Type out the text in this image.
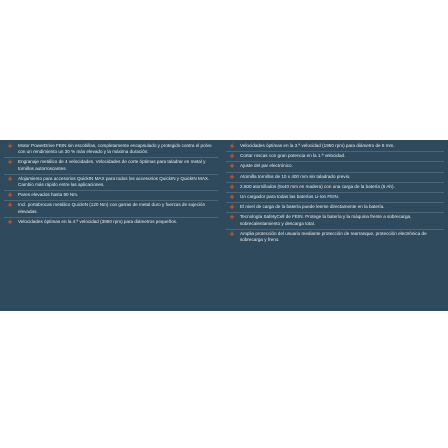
+ Motor PowerDrive FEIN sin escobillas, completamente encapsulado y protegido contra el polvo con un rendimiento un 30 % más elevado y la máxima duración.
+ Engranaje metálico de 4 velocidades. Velocidades de corte óptimas para taladrar en metal y tornillos autorroscantes.
+ Alojamiento para accesorios QuickIN MAX para todos los accesorios QuickIN y QuickIN MAX. Cambio más rápido entre las aplicaciones.
+ Pares elevados hasta 90 Nm.
+ Incl. portabrocas metálico QuickIN (120 Nm) con garras de metal duro y fuerzas de sujeción elevadas.
+ Velocidades óptimas en la 4.ª velocidad (3850 rpm) para diámetros pequeños.
+ Velocidades óptimas en la 3.ª velocidad (1950 rpm) para diámetro de 8 mm.
+ Cortar roscas con gran potencia en la 1.ª velocidad.
+ Ajuste del par electrónico.
+ Atornilla tornillos de 10 x 400 mm sin taladrado previo.
+ 2.500 atornillados (5x40 mm en madera) con una carga de la batería (6 Ah).
+ Un cargador para todas las baterías Li-Ion FEIN.
+ El nivel de carga de la batería puede leerse directamente en la batería.
+ Tecnología SafetyCell de FEIN. Protege la batería y la máquina frente a sobrecarga, sobrecalentamiento y descarga total.
+ Amplia protección del usuario mediante protección de rearranque, protección electrónica de sobrecarga y freno.
